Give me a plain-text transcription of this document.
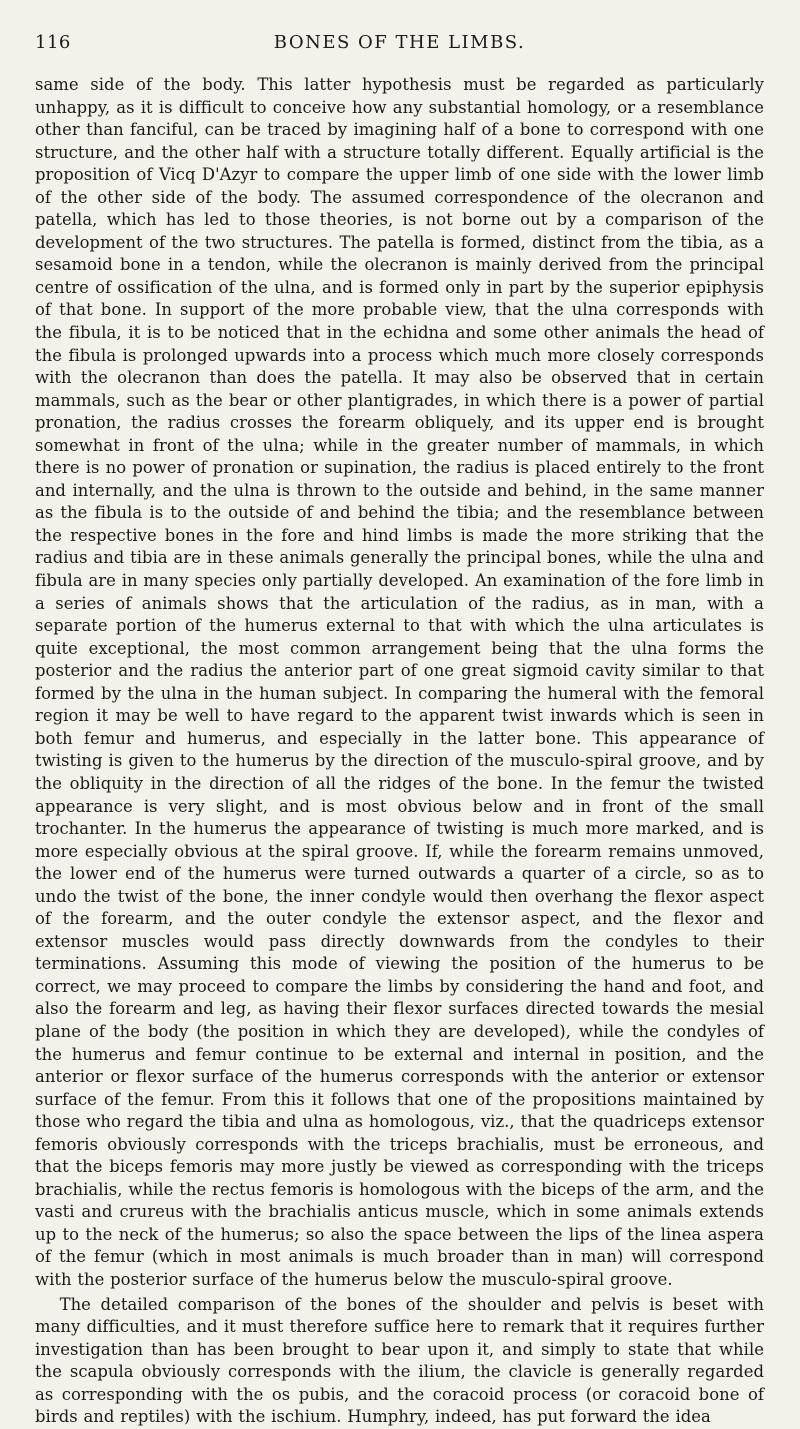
116	BONES OF THE LIMBS.

same side of the body. This latter hypothesis must be regarded as particularly unhappy, as it is difficult to conceive how any substantial homology, or a resemblance other than fanciful, can be traced by imagining half of a bone to correspond with one structure, and the other half with a structure totally different. Equally artificial is the proposition of Vicq D'Azyr to compare the upper limb of one side with the lower limb of the other side of the body. The assumed correspondence of the olecranon and patella, which has led to those theories, is not borne out by a comparison of the development of the two structures. The patella is formed, distinct from the tibia, as a sesamoid bone in a tendon, while the olecranon is mainly derived from the principal centre of ossification of the ulna, and is formed only in part by the superior epiphysis of that bone. In support of the more probable view, that the ulna corresponds with the fibula, it is to be noticed that in the echidna and some other animals the head of the fibula is prolonged upwards into a process which much more closely corresponds with the olecranon than does the patella. It may also be observed that in certain mammals, such as the bear or other plantigrades, in which there is a power of partial pronation, the radius crosses the forearm obliquely, and its upper end is brought somewhat in front of the ulna; while in the greater number of mammals, in which there is no power of pronation or supination, the radius is placed entirely to the front and internally, and the ulna is thrown to the outside and behind, in the same manner as the fibula is to the outside of and behind the tibia; and the resemblance between the respective bones in the fore and hind limbs is made the more striking that the radius and tibia are in these animals generally the principal bones, while the ulna and fibula are in many species only partially developed. An examination of the fore limb in a series of animals shows that the articulation of the radius, as in man, with a separate portion of the humerus external to that with which the ulna articulates is quite exceptional, the most common arrangement being that the ulna forms the posterior and the radius the anterior part of one great sigmoid cavity similar to that formed by the ulna in the human subject. In comparing the humeral with the femoral region it may be well to have regard to the apparent twist inwards which is seen in both femur and humerus, and especially in the latter bone. This appearance of twisting is given to the humerus by the direction of the musculo-spiral groove, and by the obliquity in the direction of all the ridges of the bone. In the femur the twisted appearance is very slight, and is most obvious below and in front of the small trochanter. In the humerus the appearance of twisting is much more marked, and is more especially obvious at the spiral groove. If, while the forearm remains unmoved, the lower end of the humerus were turned outwards a quarter of a circle, so as to undo the twist of the bone, the inner condyle would then overhang the flexor aspect of the forearm, and the outer condyle the extensor aspect, and the flexor and extensor muscles would pass directly downwards from the condyles to their terminations. Assuming this mode of viewing the position of the humerus to be correct, we may proceed to compare the limbs by considering the hand and foot, and also the forearm and leg, as having their flexor surfaces directed towards the mesial plane of the body (the position in which they are developed), while the condyles of the humerus and femur continue to be external and internal in position, and the anterior or flexor surface of the humerus corresponds with the anterior or extensor surface of the femur. From this it follows that one of the propositions maintained by those who regard the tibia and ulna as homologous, viz., that the quadriceps extensor femoris obviously corresponds with the triceps brachialis, must be erroneous, and that the biceps femoris may more justly be viewed as corresponding with the triceps brachialis, while the rectus femoris is homologous with the biceps of the arm, and the vasti and crureus with the brachialis anticus muscle, which in some animals extends up to the neck of the humerus; so also the space between the lips of the linea aspera of the femur (which in most animals is much broader than in man) will correspond with the posterior surface of the humerus below the musculo-spiral groove.

The detailed comparison of the bones of the shoulder and pelvis is beset with many difficulties, and it must therefore suffice here to remark that it requires further investigation than has been brought to bear upon it, and simply to state that while the scapula obviously corresponds with the ilium, the clavicle is generally regarded as corresponding with the os pubis, and the coracoid process (or coracoid bone of birds and reptiles) with the ischium. Humphry, indeed, has put forward the idea
